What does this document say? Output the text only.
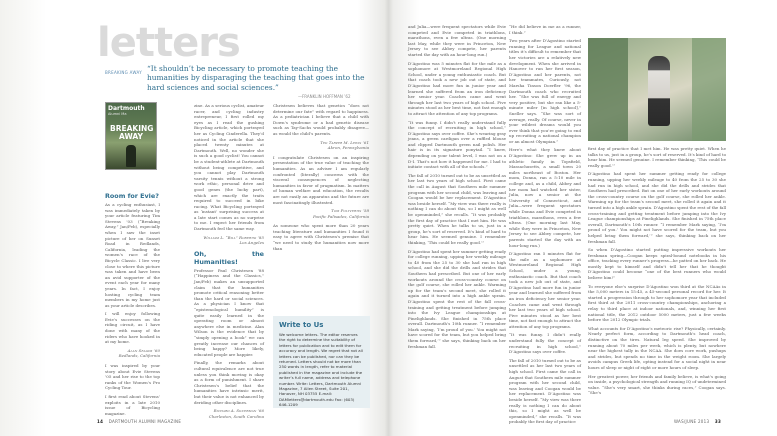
letters
BREAKING AWAY “It shouldn’t be necessary to promote teaching the humanities by disparaging the teaching that goes into the hard sciences and social sciences.”
—FRANKLIN HOFFMAN ’62
Dartmouth
Alumni Ma
BREAKING AWAY
Room for Evie?

As a cycling enthusiast, I was immediately taken by your article featuring Tim Stevens ’03 (“Breaking Away,” Jan/Feb), especially when I saw the inset picture of her on Sunset Road in Redlands, California, leading the women’s race of the Bicycle Classic. I live very close to where this picture was taken and have been an avid supporter of the event each year for many years. In fact, I enjoy hosting cycling team members in my home just as your article describes.

I will enjoy following Evie’s successes on the riding circuit, as I have done with many of the riders who have hooked in at my home.

Alan Seagim ’60
Redlands, California

I was inspired by your story about Evie Stevens ’05 and her rise to the top ranks of the Women’s Pro Cycling Tour.

I first read about Stevens’ exploits in a late 2010 issue of Bicycling magazine.

zine. As a serious cyclist, amateur racer, and cycling industry entrepreneur, I first rolled my eyes as I read the gushing Bicycling article, which portrayed her as Cycling Cinderella. They’d noticed in the article that she placed twenty minutes at Dartmouth. Well, no wonder she is such a good cyclist! You cannot be a student-athlete at Dartmouth without being competitive, and you cannot play Dartmouth varsity tennis without a strong work ethic, personal drive and good genes (the lucky part), which are exactly the traits required to succeed in bike racing. What Bicycling portrayed as ‘instant’ surprising success at a late start comes as no surprise to me. I expect her friends from Dartmouth feel the same way.

William L. “Bill” Robertsi ’85
Los Angeles
Oh, the Humanities!

Professor Paul Christesen ’88 (“Happiness and the Classics,” Jan/Feb) makes an unsupported claim that the humanities promote critical reasoning better than the hard or social sciences. As a physician I know that “epistemological humility” is quite easily learned in the operating room or almost anywhere else in medicine. Alan Wilson is the evidence that by “simply opening a book” we can greatly increase our chances of being happy? More likely, educated people are happier.

Finally, the remarks about cultural equivalence are not true unless you think moving is okay as a form of punishment. I share Christesen’s belief that the humanities have intrinsic merit, but their value is not enhanced by deriding other disciplines.

Richard A. Silverman ’66
Charleston, South Carolina

Christesen believes that genetics “does not determine our fate” with regard to happiness. As a pediatrician I believe that a child with Down’s syndrome or a bad genetic disease such as Tay-Sachs would probably disagree—as would the child’s parents.

Ted Tarper M. Lewis ’61
Akron, Pennsylvania

I congratulate Christesen on an inspiring presentation of the true value of teaching the humanities. As an adviser I am regularly confronted (literally) concerns with the visceral consequences of neglecting humanities in favor of pragmatism. In matters of human welfare and education, the results are not easily an apparatus and the future are most fascinatingly illustrated.

Tom Polyvertis ’58
Pacific Palisades, California

As someone who spent more than 20 years teaching literature and humanities I found it easy to agree with Christesen’s premise that “we need to study the humanities now more than

Write to Us
We welcome letters. The editor reserves the right to determine the suitability of letters for publication and to edit them for accuracy and length. We regret that not all letters can be published, nor can they be returned. Letters should not be more than 250 words in length, refer to material published in the magazine and include the writer’s full name, address and telephone number. Write: Letters, Dartmouth Alumni Magazine, 7 Allen Street, Suite 201, Hanover, NH 03755 E-mail: DAMletters@dartmouth.edu Fax: (603) 646-1209
14 DARTMOUTH ALUMNI MAGAZINE

and Julia—were frequent spectators while Evie competed and Evie competed in triathlons, marathons, even a few ultras. (One morning last May, while they were in Princeton, New Jersey to see Abbey compete, her parents started the day with an hour-long run.)

D’Agostino was 5 minutes flat for the mile as a sophomore at Westmoreland Regional High School, under a young enthusiastic coach. But that coach took a new job out of state, and D’Agostino had more fun in junior year and learned she suffered from an iron deficiency her senior year. Coaches came and went through her last two years of high school. Five minutes stood as her best time, not fast enough to attract the attention of any top programs.

“It was funny. I didn’t really understand fully the concept of recruiting in high school,” D’Agostino says over coffee. She’s wearing gray jeans, a green cardigan over a ruffled blouse and clipped Dartmouth green nail polish. Her hair is in its signature ponytail. “I knew, depending on your talent level, I was not on a D-I. That’s not how it happened for me. I had to initiate contact with all of the schools.”

The fall of 2010 turned out to be as unsettled as her last two years of high school. First came the call in August that Southern mile summer program with her second child, was leaving and Coogan would be her replacement. D’Agostino was beside herself. “My view was there really is nothing I can do about this, so I might as well be openminded,” she recalls. “It was probably the first day of practice that I met him. He was pretty quiet. When he talks to us, just in a group, he’s sort of reserved. It’s kind of hard to hear him. He seemed genuine. I remember thinking, ‘This could be really good.’”

D’Agostino had spent her summer getting ready for college running, upping her weekly mileage to 40 from the 25 to 30 she had run in high school, and she did the drills and strides that Southern had prescribed. But one of her early workouts around the cross-country course on the golf course, she rolled her ankle. Warming up for the team’s second meet, she rolled it again and it turned into a high ankle sprain. D’Agostino spent the rest of the fall cross-training and getting treatment before jumping into the Ivy League championships at Pinelighlands. She finished in 75th place overall. Dartmouth’s 10th runner. “I remember Mark saying, ‘I’m proud of you.’ You might not have scored for the team, but you helped bring them forward,’” she says, thinking back on her freshman fall.

“He did believe in me as a runner, I think.”

Two years after D’Agostino started running for League and national titles it’s difficult to remember that her victories are a relatively new development. When she arrived in Hanover to run her first season, D’Agostino and her parents, not her teammates, Curiously, not Marsha Tinson Doerfler ’96, the Dartmouth coach who recruited her. “She was full of energy and very positive, but she ran like a 5-minute miler [in high school],” Sneller says. “She was sort of average, really. Of course, never in your wildest dreams would you ever think that you’re going to end up recruiting a national champion or an almost Olympian.”

Here’s what they knew about D’Agostino: She grew up in an athletic family in Topsfield, Massachusetts, a small town 20 miles northeast of Boston. Her mom, Donna, ran a 5:10 mile in college and, as a child, Abbey and her mom had watched her sister, Julia, now a senior at the University of Connecticut, and Julia—were frequent spectators while Donna and Evie competed in triathlons, marathons, even a few ultras. (One morning last May, while they were in Princeton, New Jersey to see Abbey compete, her parents started the day with an hour-long run.)

D’Agostino ran 5 minutes flat for the mile as a sophomore at Westmoreland Regional High School, under a young, enthusiastic coach. But that coach took a new job out of state, and D’Agostino had more fun in junior year and learned she suffered from an iron deficiency her senior year. Coaches came and went through her last two years of high school. Five minutes stood as her best time, not fast enough to attract the attention of any top programs.

“It was funny. I didn’t really understand fully the concept of recruiting in high school,” D’Agostino says over coffee.

The fall of 2010 turned out to be as unsettled as her last two years of high school. First came the call in August that Southern mile summer program with her second child, was leaving and Coogan would be her replacement. D’Agostino was beside herself. “My view was there really is nothing I can do about this, so I might as well be openminded,” she recalls. “It was probably the first day of practice

first day of practice that I met him. He was pretty quiet. When he talks to us, just in a group, he’s sort of reserved. It’s kind of hard to hear him. He seemed genuine. I remember thinking, ‘This could be really good.’”

D’Agostino had spent her summer getting ready for college running, upping her weekly mileage to 40 from the 25 to 30 she had run in high school, and she did the drills and strides that Southern had prescribed. But on one of her early workouts around the cross-country course on the golf course, she rolled her ankle. Warming up for the team’s second meet, she rolled it again and it turned into a high ankle sprain. D’Agostino spent the rest of the fall cross-training and getting treatment before jumping into the Ivy League championships at Pinelighlands. She finished in 75th place overall, Dartmouth’s 10th runner. “I remember Mark saying, ‘I’m proud of you.’ You might not have scored for the team, but you helped bring them forward,’” she says, thinking back on her freshman fall.

So when D’Agostino started putting impressive workouts her freshman spring—Coogan keeps spiral-bound notebooks in his office, tracking every runner’s progress—he patted on her back. He mostly kept to himself and didn’t tell her that he thought D’Agostino could become “one of the best runners who would believe him!”

To everyone else’s surprise D’Agostino won third at the NCAAs in the 5,000 meters in 15:45, a 45-second personal record for her. It started a progression through to her sophomore year that included first third at the 2011 cross-country championships, anchoring a relay to third place at indoor nationals, and, winning her first national title, the 2012 outdoor 5000 meters, just a few weeks before the 2012 Olympic trials.

What accounts for D’Agostino’s meteoric rise? Physically, certainly. Nearly perfect form, according to Dartmouth’s head coach, distinctive on the tires. Natural leg speed. She improved by running about 70 miles per week, which is plenty, but nowhere near the highest tally in the NCAA. She does core work, pushups and strides, but spends no time in the weight room. She largely avoids campus Greek life, opting instead for a social night in near hours of sleep or night of eight or more hours of sleep.

Her greatest power, her friends and family believe, is what’s going on inside, a psychological strength and running IQ of undetermined value. “She’s very smart, she thinks during races,” Coogan says. “She’s

WAS/JUNE 2013 33
